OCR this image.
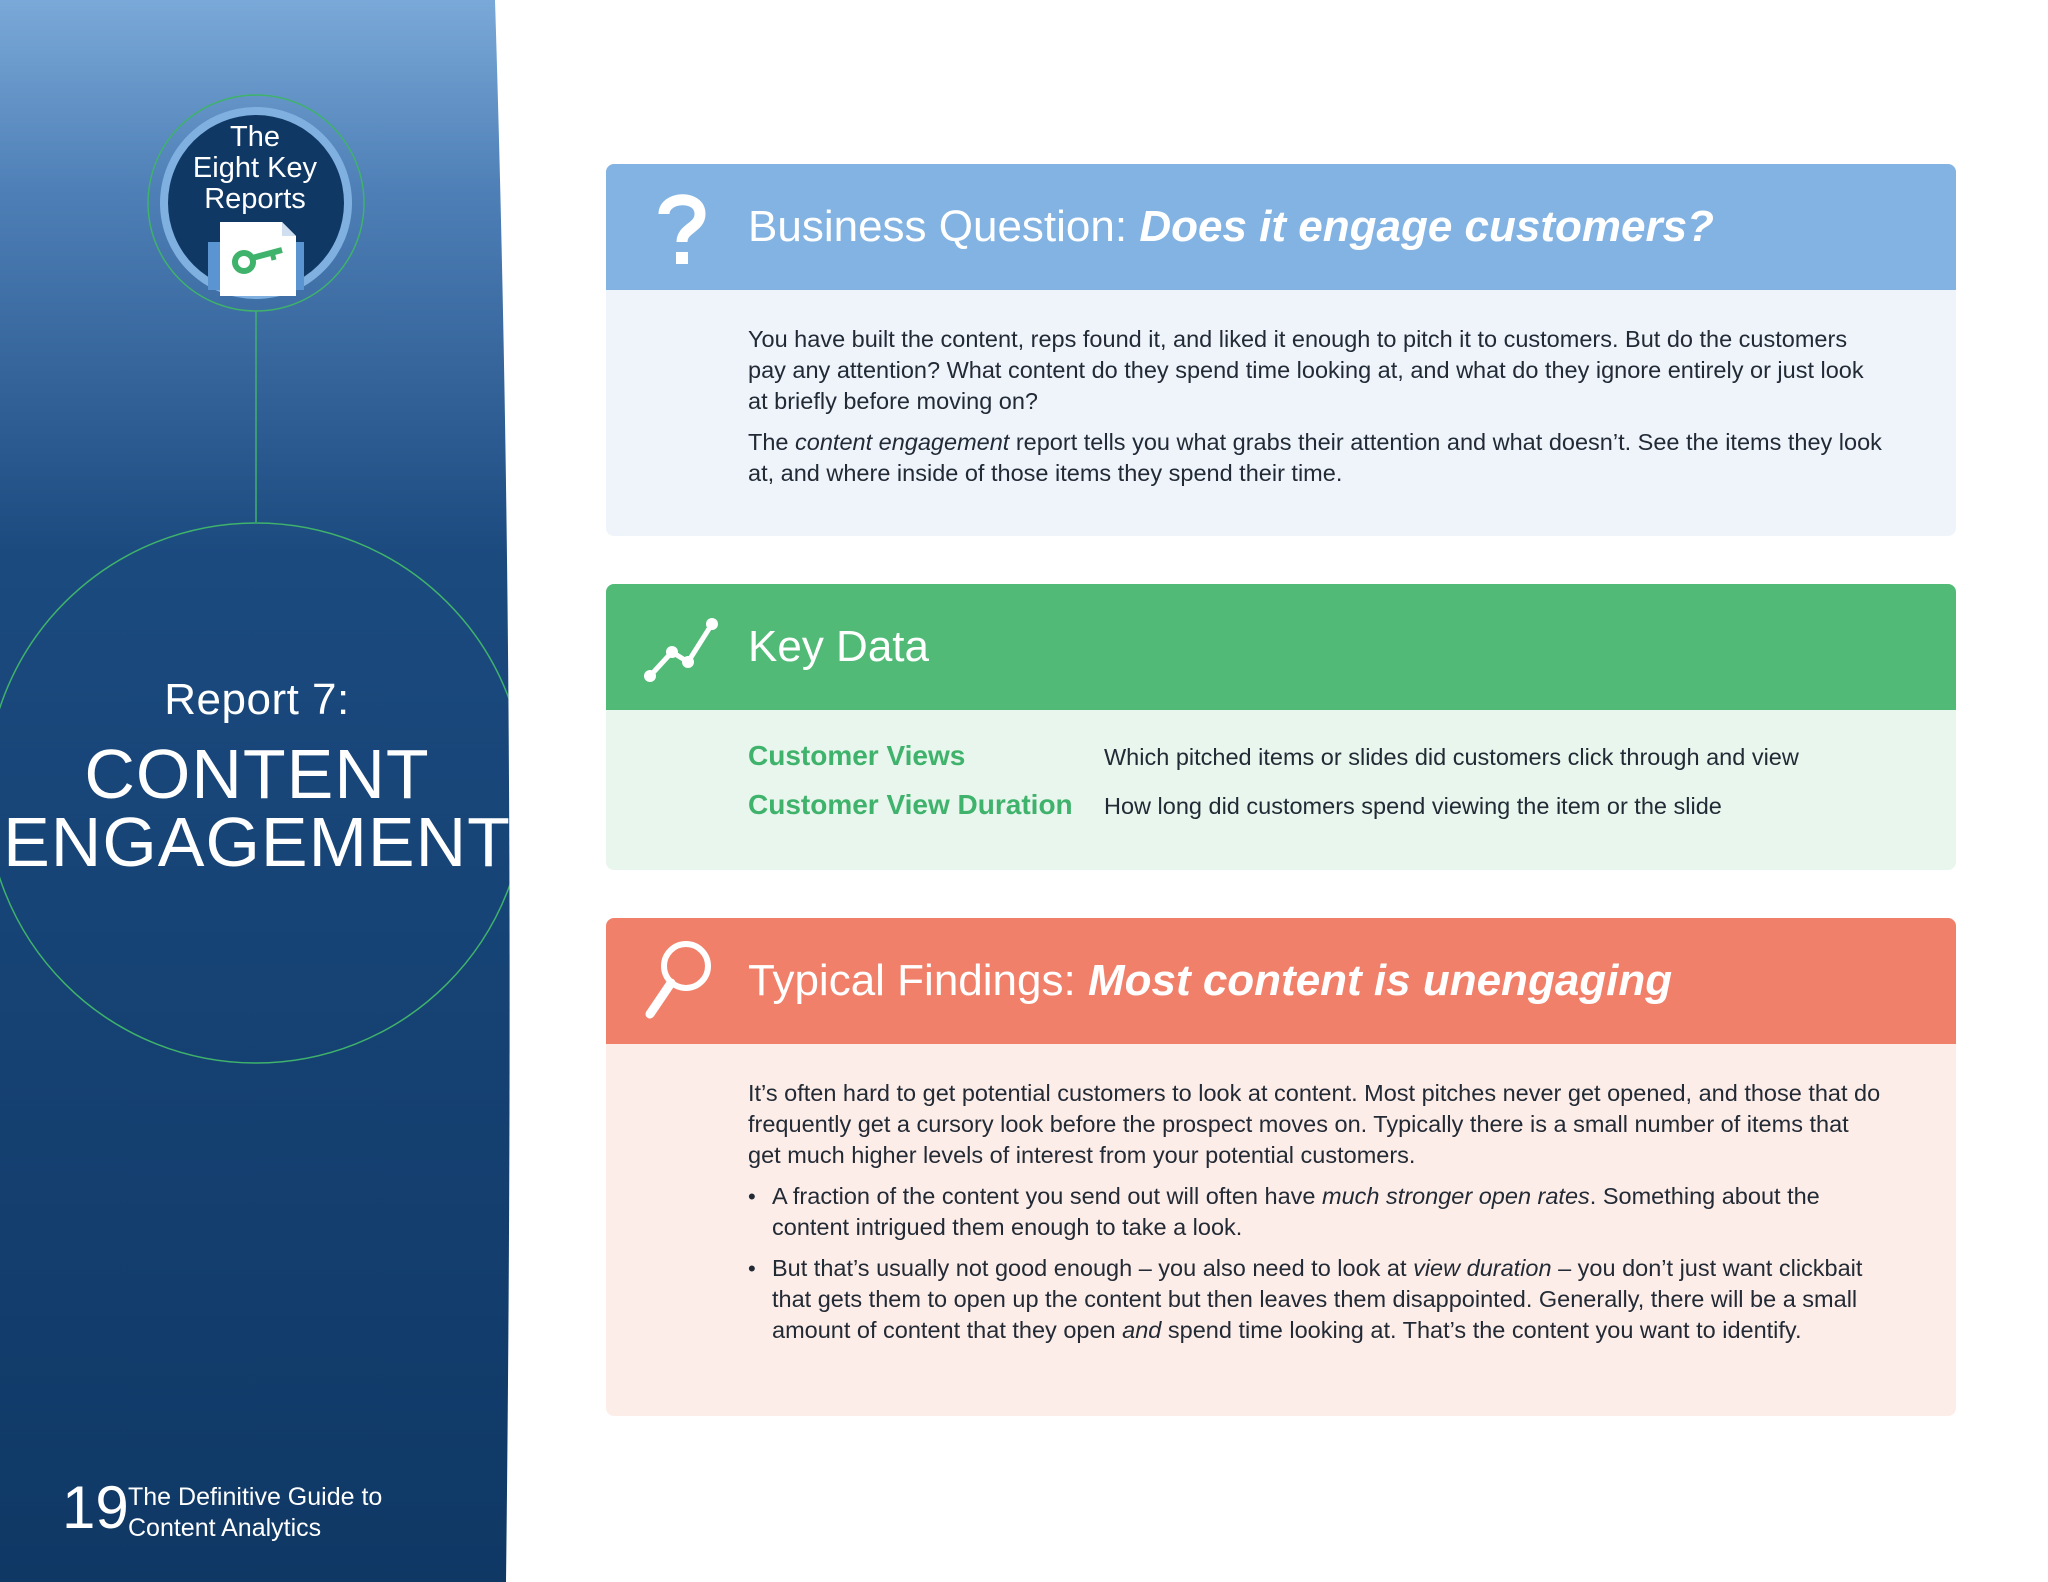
The
Eight Key
Reports
Report 7:
CONTENT
ENGAGEMENT
19 The Definitive Guide to
Content Analytics
Business Question: Does it engage customers?

You have built the content, reps found it, and liked it enough to pitch it to customers. But do the customers pay any attention? What content do they spend time looking at, and what do they ignore entirely or just look at briefly before moving on?

The content engagement report tells you what grabs their attention and what doesn’t. See the items they look at, and where inside of those items they spend their time.

Key Data
Customer Views	Which pitched items or slides did customers click through and view
Customer View Duration How long did customers spend viewing the item or the slide
Typical Findings: Most content is unengaging

It’s often hard to get potential customers to look at content. Most pitches never get opened, and those that do frequently get a cursory look before the prospect moves on. Typically there is a small number of items that get much higher levels of interest from your potential customers.

• A fraction of the content you send out will often have much stronger open rates. Something about the content intrigued them enough to take a look.

• But that’s usually not good enough – you also need to look at view duration – you don’t just want clickbait that gets them to open up the content but then leaves them disappointed. Generally, there will be a small amount of content that they open and spend time looking at. That’s the content you want to identify.
